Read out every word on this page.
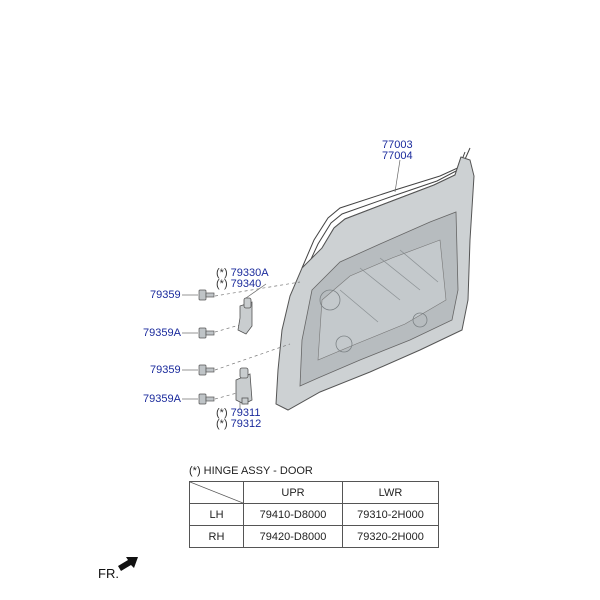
77003
77004
(*) 79330A
(*) 79340
79359
79359A
79359
79359A
(*) 79311
(*) 79312
(*) HINGE ASSY - DOOR
	UPR	LWR
LH	79410-D8000	79310-2H000
RH	79420-D8000	79320-2H000
FR.
